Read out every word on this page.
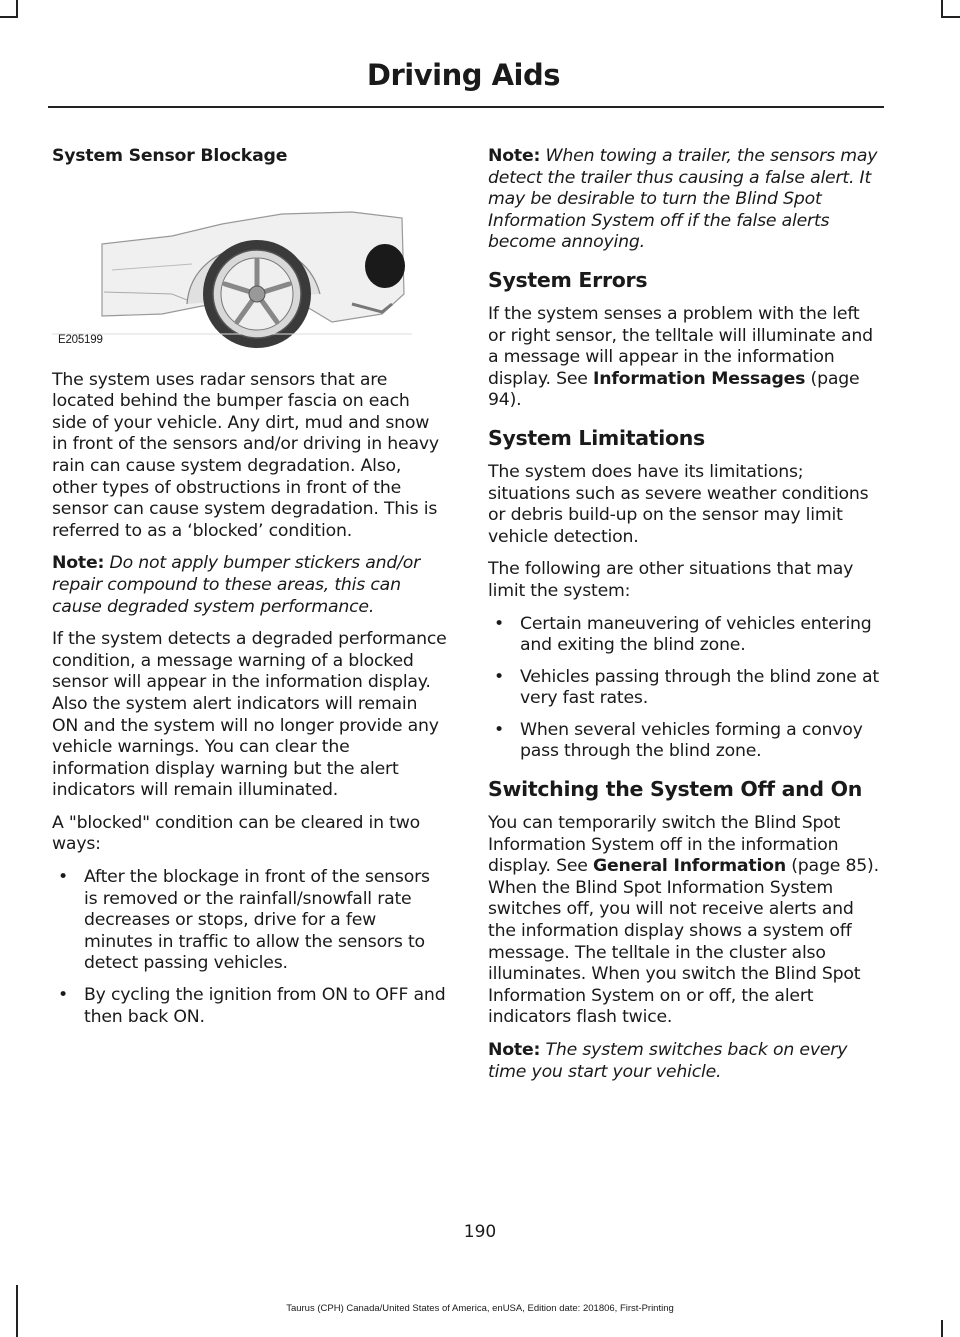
Driving Aids
System Sensor Blockage
E205199

The system uses radar sensors that are located behind the bumper fascia on each side of your vehicle. Any dirt, mud and snow in front of the sensors and/or driving in heavy rain can cause system degradation. Also, other types of obstructions in front of the sensor can cause system degradation. This is referred to as a ‘blocked’ condition.

Note: Do not apply bumper stickers and/or repair compound to these areas, this can cause degraded system performance.

If the system detects a degraded performance condition, a message warning of a blocked sensor will appear in the information display. Also the system alert indicators will remain ON and the system will no longer provide any vehicle warnings. You can clear the information display warning but the alert indicators will remain illuminated.

A "blocked" condition can be cleared in two ways:

• After the blockage in front of the sensors is removed or the rainfall/snowfall rate decreases or stops, drive for a few minutes in traffic to allow the sensors to detect passing vehicles.
• By cycling the ignition from ON to OFF and then back ON.

Note: When towing a trailer, the sensors may detect the trailer thus causing a false alert. It may be desirable to turn the Blind Spot Information System off if the false alerts become annoying.

System Errors

If the system senses a problem with the left or right sensor, the telltale will illuminate and a message will appear in the information display. See Information Messages (page 94).

System Limitations

The system does have its limitations; situations such as severe weather conditions or debris build-up on the sensor may limit vehicle detection.

The following are other situations that may limit the system:

• Certain maneuvering of vehicles entering and exiting the blind zone.
• Vehicles passing through the blind zone at very fast rates.
• When several vehicles forming a convoy pass through the blind zone.
Switching the System Off and On

You can temporarily switch the Blind Spot Information System off in the information display. See General Information (page 85). When the Blind Spot Information System switches off, you will not receive alerts and the information display shows a system off message. The telltale in the cluster also illuminates. When you switch the Blind Spot Information System on or off, the alert indicators flash twice.

Note: The system switches back on every time you start your vehicle.

190
Taurus (CPH) Canada/United States of America, enUSA, Edition date: 201806, First-Printing
